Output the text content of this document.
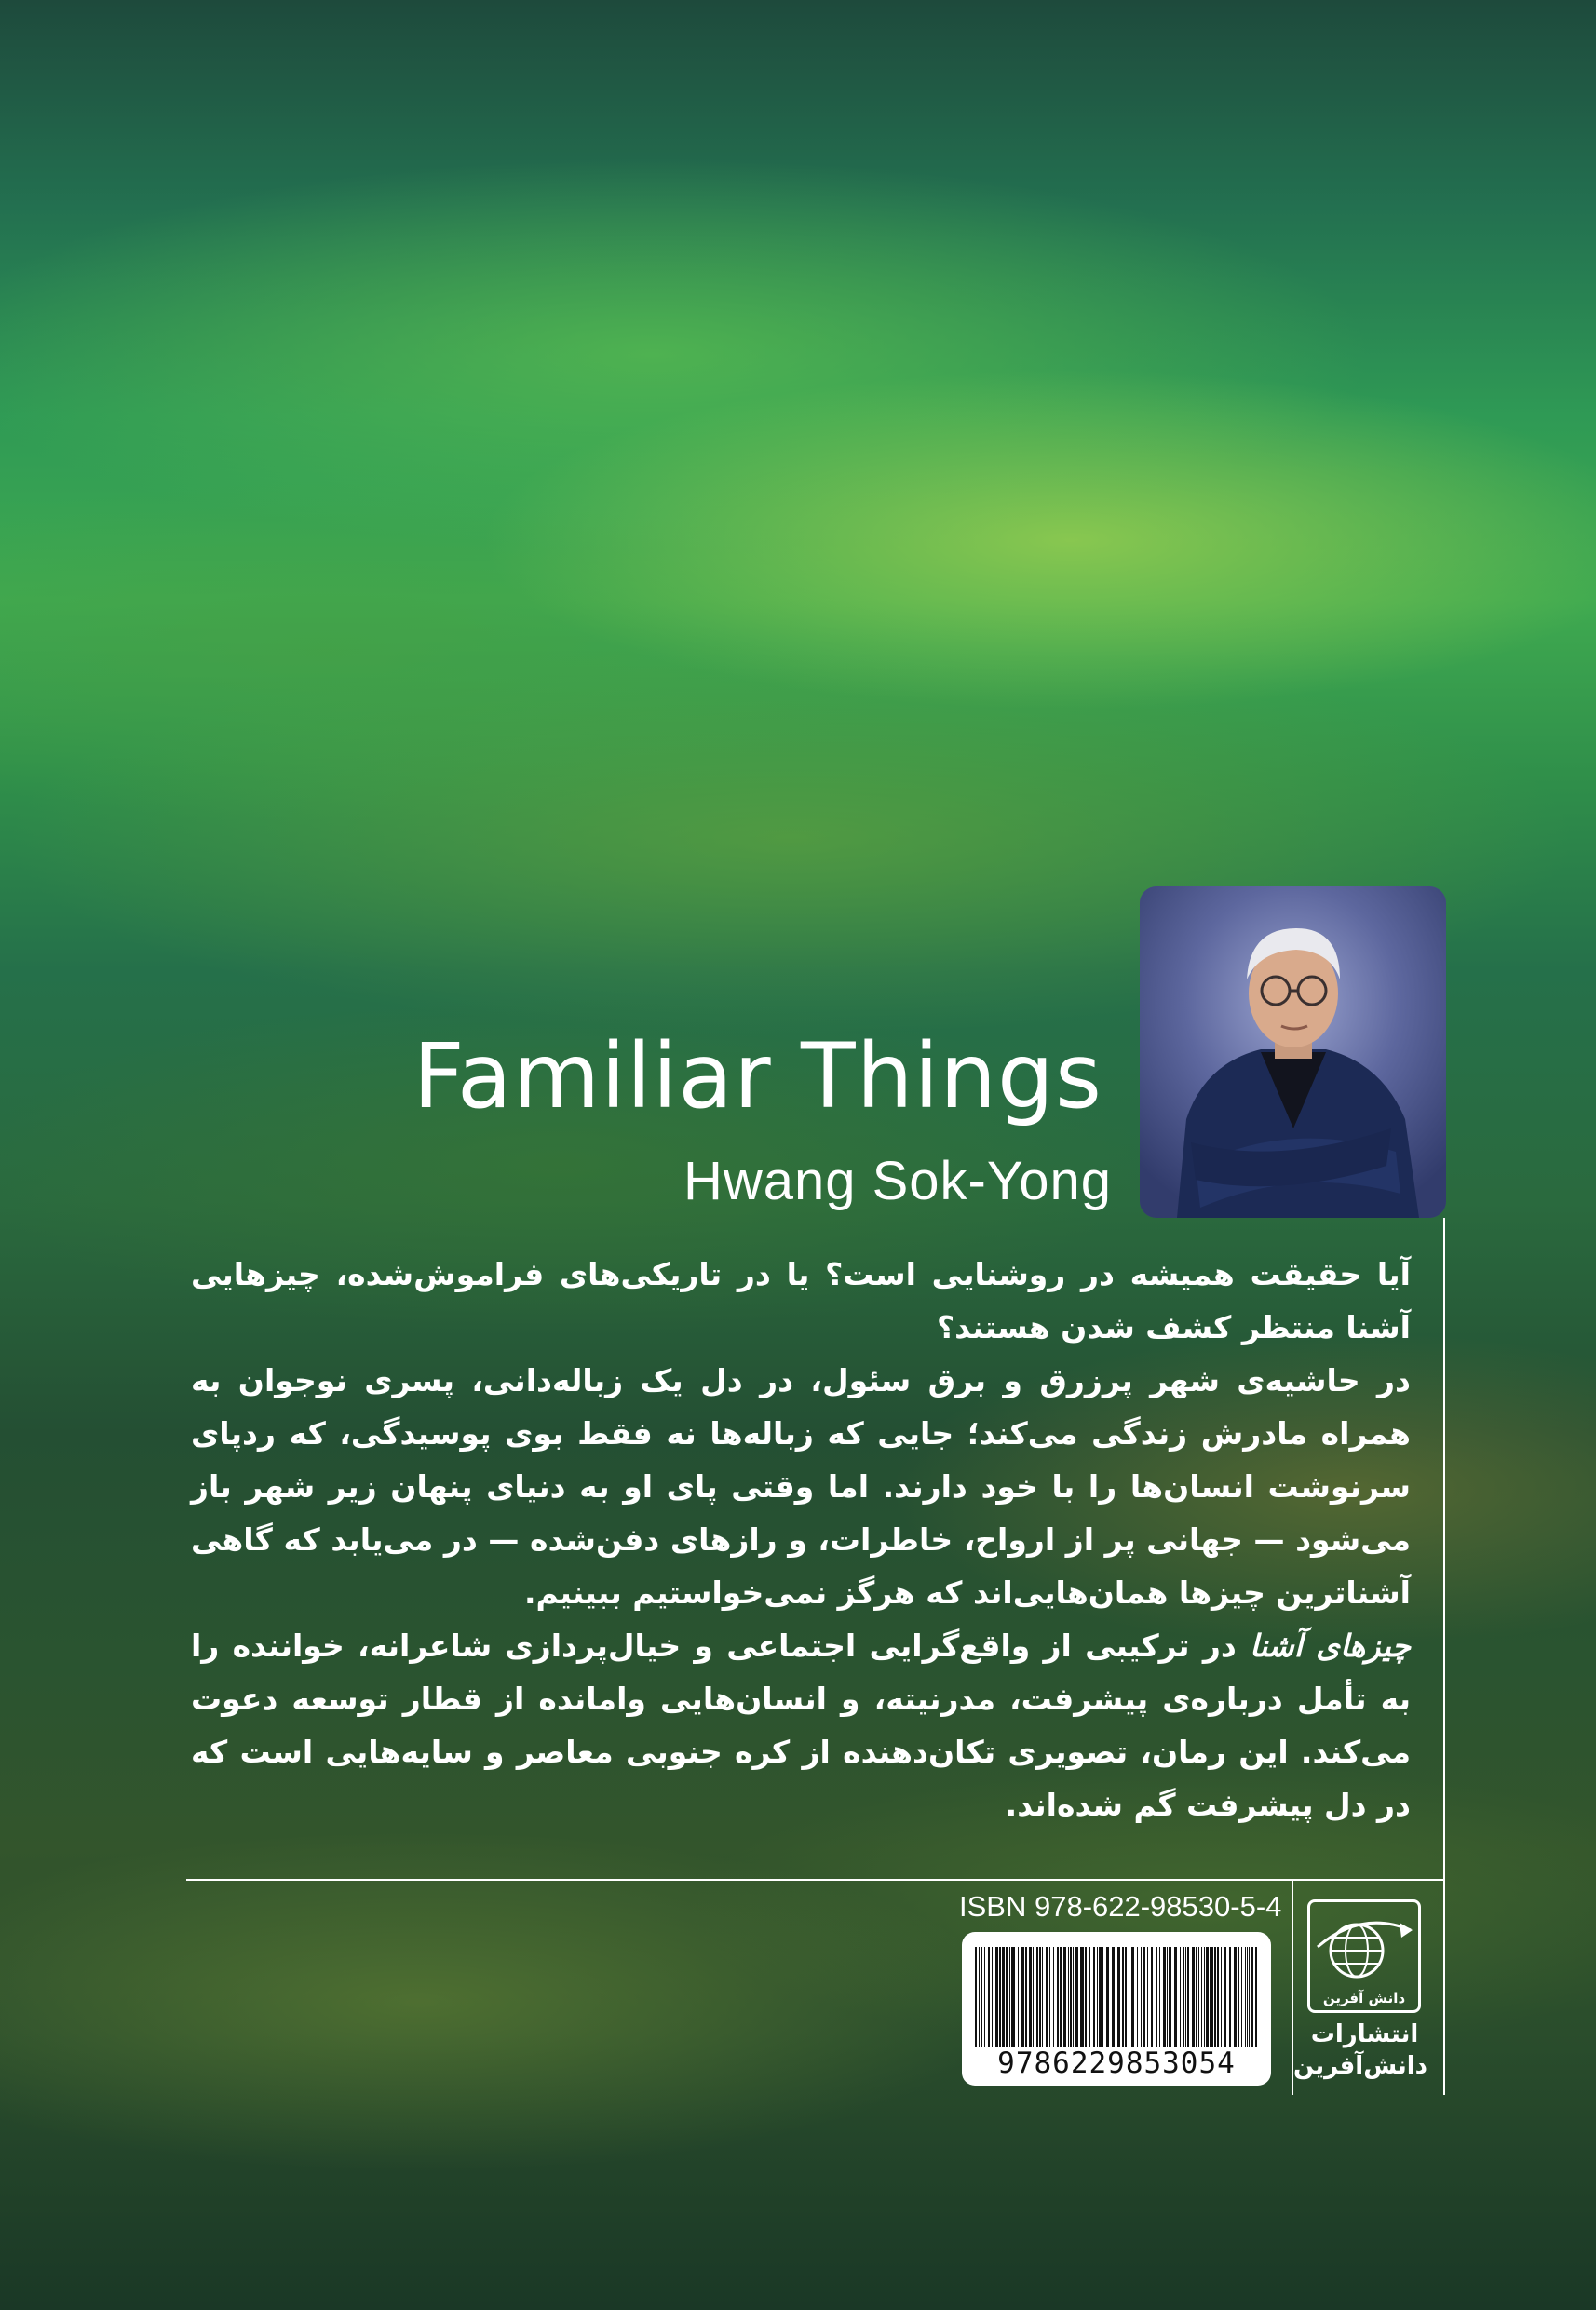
Familiar Things
Hwang Sok-Yong

آیا حقیقت همیشه در روشنایی است؟ یا در تاریکی‌های فراموش‌شده، چیزهایی آشنا منتظر کشف شدن هستند؟

در حاشیه‌ی شهر پرزرق و برق سئول، در دل یک زباله‌دانی، پسری نوجوان به همراه مادرش زندگی می‌کند؛ جایی که زباله‌ها نه فقط بوی پوسیدگی، که ردپای سرنوشت انسان‌ها را با خود دارند. اما وقتی پای او به دنیای پنهان زیر شهر باز می‌شود — جهانی پر از ارواح، خاطرات، و رازهای دفن‌شده — در می‌یابد که گاهی آشناترین چیزها همان‌هایی‌اند که هرگز نمی‌خواستیم ببینیم.

چیزهای آشنا در ترکیبی از واقع‌گرایی اجتماعی و خیال‌پردازی شاعرانه، خواننده را به تأمل درباره‌ی پیشرفت، مدرنیته، و انسان‌هایی وامانده از قطار توسعه دعوت می‌کند. این رمان، تصویری تکان‌دهنده از کره جنوبی معاصر و سایه‌هایی است که در دل پیشرفت گم شده‌اند.

ISBN 978-622-98530-5-4
9786229853054
دانش آفرین
انتشارات
دانش‌آفرین
